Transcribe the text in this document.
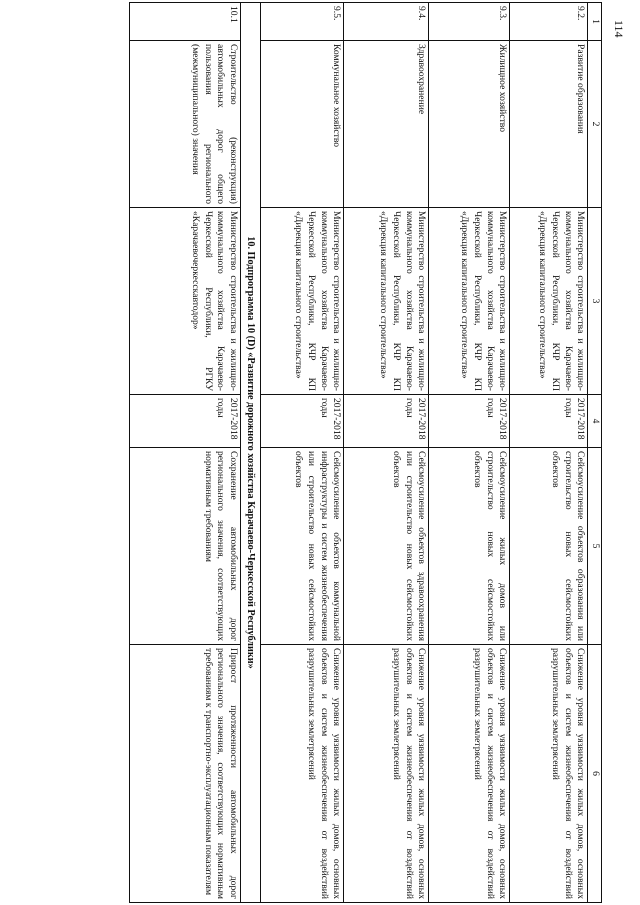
114
1	2	3	4	5	6
9.2.	Развитие образования	Министерство строительства и жилищно-коммунального хозяйства Карачаево-Черкесской Республики, КЧР КП «Дирекция капитального строительства»	2017-2018 годы	Сейсмоусиление объектов образования или строительство новых сейсмостойких объектов	Снижение уровня уязвимости жилых домов, основных объектов и систем жизнеобеспечения от воздействий разрушительных землетрясений
9.3.	Жилищное хозяйство	Министерство строительства и жилищно-коммунального хозяйства Карачаево-Черкесской Республики, КЧР КП «Дирекция капитального строительства»	2017-2018 годы	Сейсмоусиление жилых домов или строительство новых сейсмостойких объектов	Снижение уровня уязвимости жилых домов, основных объектов и систем жизнеобеспечения от воздействий разрушительных землетрясений
9.4.	Здравоохранение	Министерство строительства и жилищно-коммунального хозяйства Карачаево-Черкесской Республики, КЧР КП «Дирекция капитального строительства»	2017-2018 годы	Сейсмоусиление объектов здравоохранения или строительство новых сейсмостойких объектов	Снижение уровня уязвимости жилых домов, основных объектов и систем жизнеобеспечения от воздействий разрушительных землетрясений
9.5.	Коммунальное хозяйство	Министерство строительства и жилищно-коммунального хозяйства Карачаево-Черкесской Республики, КЧР КП «Дирекция капитального строительства»	2017-2018 годы	Сейсмоусиление объектов коммунальной инфраструктуры и систем жизнеобеспечения или строительство новых сейсмостойких объектов	Снижение уровня уязвимости жилых домов, основных объектов и систем жизнеобеспечения от воздействий разрушительных землетрясений
10. Подпрограмма 10 (D) «Развитие дорожного хозяйства Карачаево-Черкесской Республики»					
10.1	Строительство (реконструкция) автомобильных дорог общего пользования регионального (межмуниципального) значения	Министерство строительства и жилищно-коммунального хозяйства Карачаево-Черкесской Республики, РГКУ «Карачаевочеркесскавтодор»	2017-2018 годы	Сохранение автомобильных дорог регионального значения, соответствующих нормативным требованиям	Прирост протяженности автомобильных дорог регионального значения, соответствующих нормативным требованиям к транспортно-эксплуатационным показателям
